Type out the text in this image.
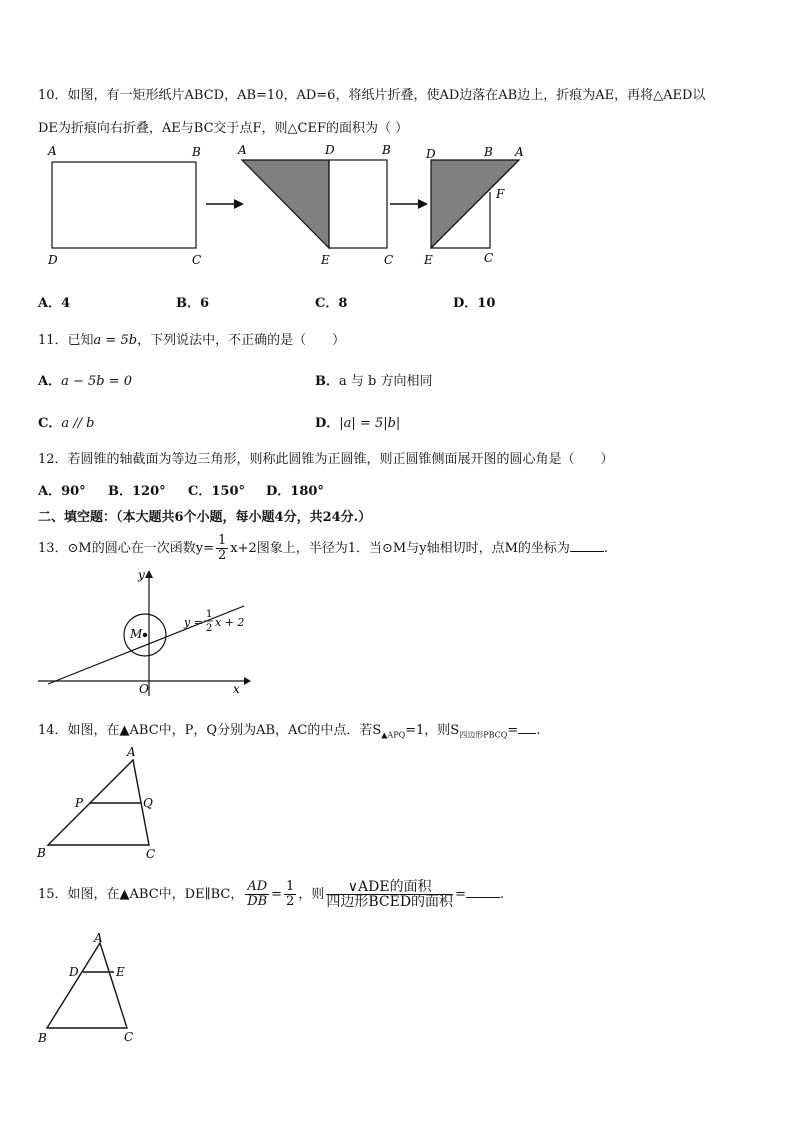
10．如图，有一矩形纸片ABCD，AB=10，AD=6，将纸片折叠，使AD边落在AB边上，折痕为AE，再将△AED以
DE为折痕向右折叠，AE与BC交于点F，则△CEF的面积为（ ）
A	B
D	C
A	D	B
E	C
D	B A
F
E	C
A．4	B．6	C．8	D．10
11．已知a = 5b，下列说法中，不正确的是（　　）
A．a − 5b = 0	B．a 与 b 方向相同
C．a // b	D．|a| = 5|b|
12．若圆锥的轴截面为等边三角形，则称此圆锥为正圆锥，则正圆锥侧面展开图的圆心角是（　　）
A．90° B．120° C．150° D．180°
二、填空题：（本大题共6个小题，每小题4分，共24分.）
13．⊙M的圆心在一次函数$y= \frac{1}{2} x+2$图象上，半径为1．当⊙M与y轴相切时，点M的坐标为	.
y
M
O	x
y =
1
2 x + 2
14．如图，在▲ABC中，P，Q分别为AB，AC的中点．若$S_{▲APQ}=1$，则$S_{四边形PBCQ}=$ .
A
P	Q
B	C
15．如图，在▲ABC中，DE∥BC， $\frac{AD}{DB} = \frac{1}{2}$ ，则 $\frac{\text{∨ADE的面积}}{\text{四边形BCED的面积}}$ =	.
A
D	E
B	C
